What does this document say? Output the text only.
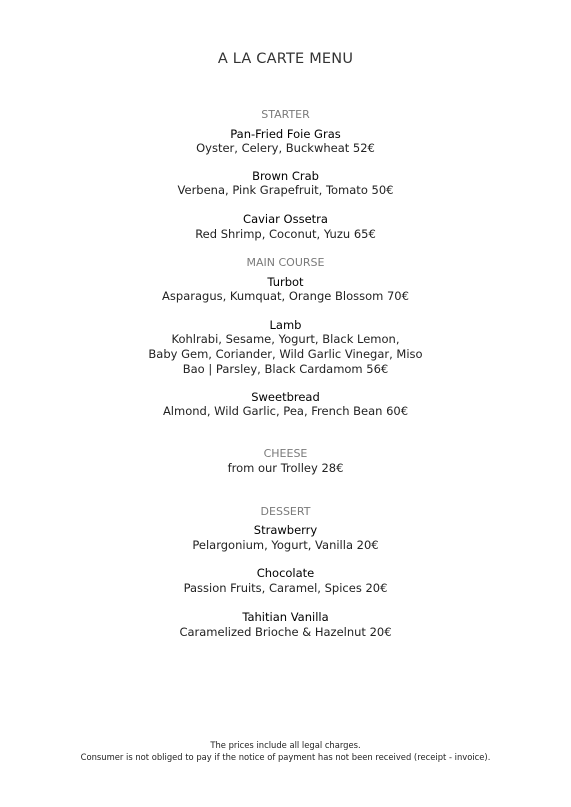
A LA CARTE MENU
STARTER
Pan-Fried Foie Gras
Oyster, Celery, Buckwheat 52€
Brown Crab
Verbena, Pink Grapefruit, Tomato 50€
Caviar Ossetra
Red Shrimp, Coconut, Yuzu 65€
MAIN COURSE
Turbot
Asparagus, Kumquat, Orange Blossom 70€
Lamb
Kohlrabi, Sesame, Yogurt, Black Lemon,
Baby Gem, Coriander, Wild Garlic Vinegar, Miso
Bao | Parsley, Black Cardamom 56€
Sweetbread
Almond, Wild Garlic, Pea, French Bean 60€
CHEESE
from our Trolley 28€
DESSERT
Strawberry
Pelargonium, Yogurt, Vanilla 20€
Chocolate
Passion Fruits, Caramel, Spices 20€
Tahitian Vanilla
Caramelized Brioche & Hazelnut 20€
The prices include all legal charges.
Consumer is not obliged to pay if the notice of payment has not been received (receipt - invoice).
